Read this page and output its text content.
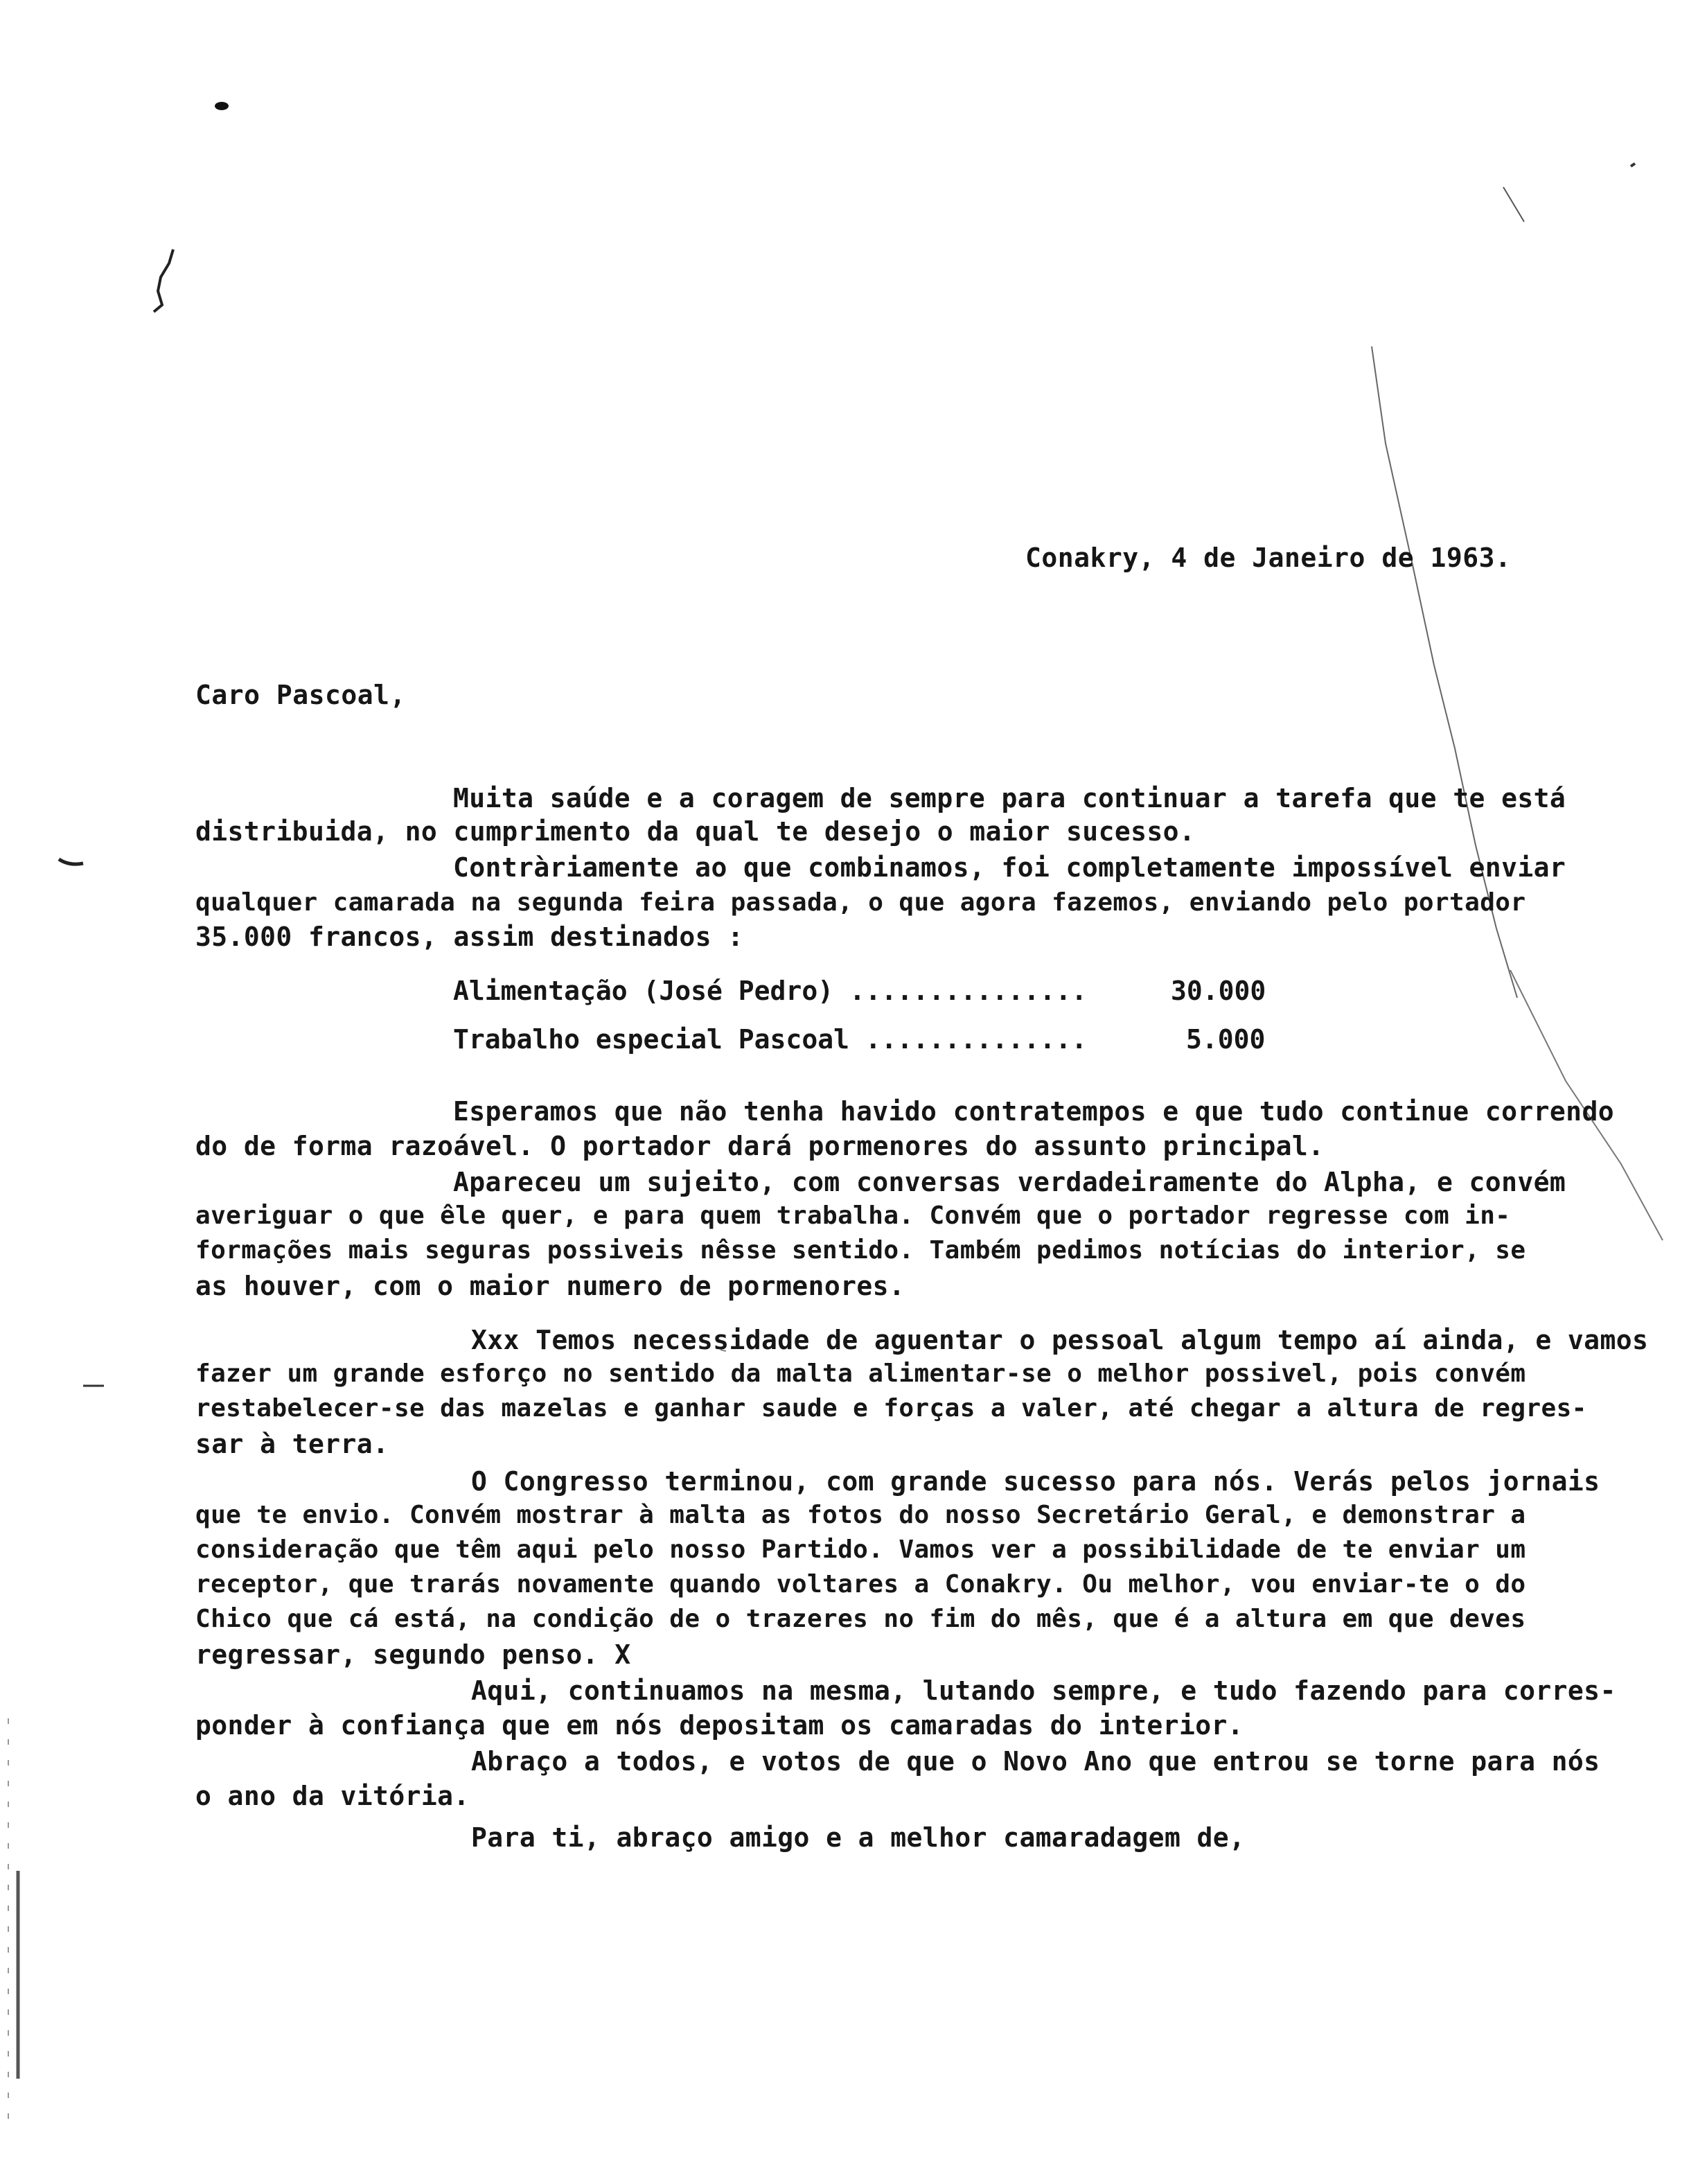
Conakry, 4 de Janeiro de 1963.
Caro Pascoal,
Muita saúde e a coragem de sempre para continuar a tarefa que te está
distribuida, no cumprimento da qual te desejo o maior sucesso.
Contràriamente ao que combinamos, foi completamente impossível enviar
qualquer camarada na segunda feira passada, o que agora fazemos, enviando pelo portador
35.000 francos, assim destinados :
Alimentação (José Pedro) ...............	30.000
Trabalho especial Pascoal ..............	5.000
Esperamos que não tenha havido contratempos e que tudo continue correndo
do de forma razoável. O portador dará pormenores do assunto principal.
Apareceu um sujeito, com conversas verdadeiramente do Alpha, e convém
averiguar o que êle quer, e para quem trabalha. Convém que o portador regresse com in-
formações mais seguras possiveis nêsse sentido. Também pedimos notícias do interior, se
as houver, com o maior numero de pormenores.
Xxx Temos necessidade de aguentar o pessoal algum tempo aí ainda, e vamos
fazer um grande esforço no sentido da malta alimentar-se o melhor possivel, pois convém
restabelecer-se das mazelas e ganhar saude e forças a valer, até chegar a altura de regres-
sar à terra.
O Congresso terminou, com grande sucesso para nós. Verás pelos jornais
que te envio. Convém mostrar à malta as fotos do nosso Secretário Geral, e demonstrar a
consideração que têm aqui pelo nosso Partido. Vamos ver a possibilidade de te enviar um
receptor, que trarás novamente quando voltares a Conakry. Ou melhor, vou enviar-te o do
Chico que cá está, na condição de o trazeres no fim do mês, que é a altura em que deves
regressar, segundo penso. X
Aqui, continuamos na mesma, lutando sempre, e tudo fazendo para corres-
ponder à confiança que em nós depositam os camaradas do interior.
Abraço a todos, e votos de que o Novo Ano que entrou se torne para nós
o ano da vitória.
Para ti, abraço amigo e a melhor camaradagem de,
